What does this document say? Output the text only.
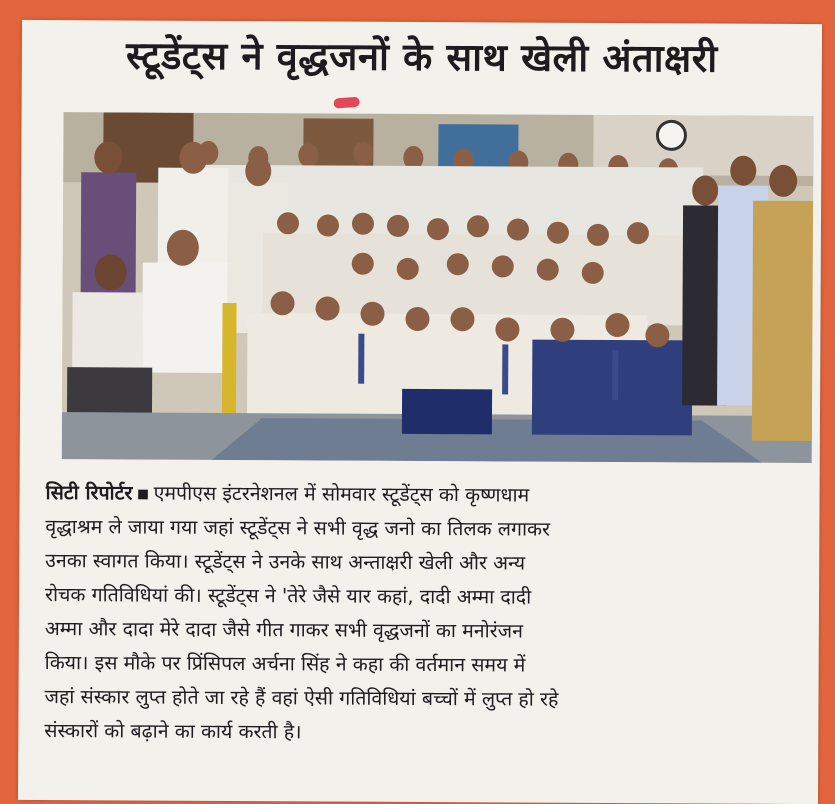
स्टूडेंट्स ने वृद्धजनों के साथ खेली अंताक्षरी
सिटी रिपोर्टर ▪ एमपीएस इंटरनेशनल में सोमवार स्टूडेंट्स को कृष्णधाम
वृद्धाश्रम ले जाया गया जहां स्टूडेंट्स ने सभी वृद्ध जनो का तिलक लगाकर
उनका स्वागत किया। स्टूडेंट्स ने उनके साथ अन्ताक्षरी खेली और अन्य
रोचक गतिविधियां की। स्टूडेंट्स ने 'तेरे जैसे यार कहां, दादी अम्मा दादी
अम्मा और दादा मेरे दादा जैसे गीत गाकर सभी वृद्धजनों का मनोरंजन
किया। इस मौके पर प्रिंसिपल अर्चना सिंह ने कहा की वर्तमान समय में
जहां संस्कार लुप्त होते जा रहे हैं वहां ऐसी गतिविधियां बच्चों में लुप्त हो रहे
संस्कारों को बढ़ाने का कार्य करती है।
